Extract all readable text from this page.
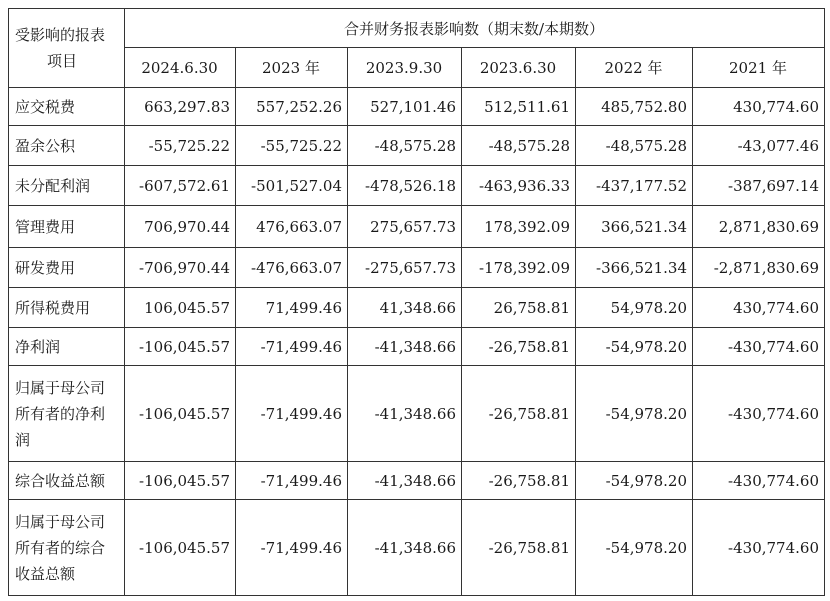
受影响的报表
项目	合并财务报表影响数（期末数/本期数）					
	2024.6.30	2023 年	2023.9.30	2023.6.30	2022 年	2021 年

应交税费	663,297.83	557,252.26	527,101.46	512,511.61	485,752.80	430,774.60

盈余公积	-55,725.22	-55,725.22	-48,575.28	-48,575.28	-48,575.28	-43,077.46

未分配利润	-607,572.61	-501,527.04	-478,526.18	-463,936.33	-437,177.52	-387,697.14

管理费用	706,970.44	476,663.07	275,657.73	178,392.09	366,521.34	2,871,830.69

研发费用	-706,970.44	-476,663.07	-275,657.73	-178,392.09	-366,521.34	-2,871,830.69

所得税费用	106,045.57	71,499.46	41,348.66	26,758.81	54,978.20	430,774.60

净利润	-106,045.57	-71,499.46	-41,348.66	-26,758.81	-54,978.20	-430,774.60

归属于母公司
所有者的净利
润	-106,045.57	-71,499.46	-41,348.66	-26,758.81	-54,978.20	-430,774.60

综合收益总额	-106,045.57	-71,499.46	-41,348.66	-26,758.81	-54,978.20	-430,774.60

归属于母公司
所有者的综合
收益总额	-106,045.57	-71,499.46	-41,348.66	-26,758.81	-54,978.20	-430,774.60
